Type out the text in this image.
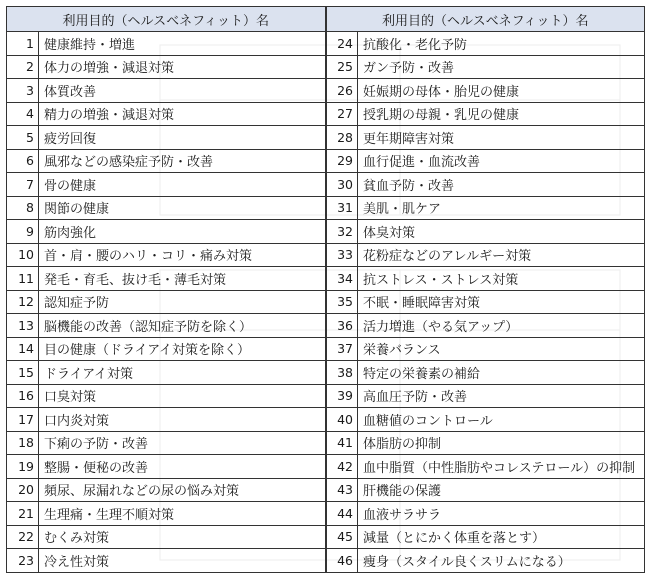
利用目的（ヘルスベネフィット）名		利用目的（ヘルスベネフィット）名	
1	健康維持・増進	24	抗酸化・老化予防
2	体力の増強・減退対策	25	ガン予防・改善
3	体質改善	26	妊娠期の母体・胎児の健康
4	精力の増強・減退対策	27	授乳期の母親・乳児の健康
5	疲労回復	28	更年期障害対策
6	風邪などの感染症予防・改善	29	血行促進・血流改善
7	骨の健康	30	貧血予防・改善
8	関節の健康	31	美肌・肌ケア
9	筋肉強化	32	体臭対策
10	首・肩・腰のハリ・コリ・痛み対策	33	花粉症などのアレルギー対策
11	発毛・育毛、抜け毛・薄毛対策	34	抗ストレス・ストレス対策
12	認知症予防	35	不眠・睡眠障害対策
13	脳機能の改善（認知症予防を除く）	36	活力増進（やる気アップ）
14	目の健康（ドライアイ対策を除く）	37	栄養バランス
15	ドライアイ対策	38	特定の栄養素の補給
16	口臭対策	39	高血圧予防・改善
17	口内炎対策	40	血糖値のコントロール
18	下痢の予防・改善	41	体脂肪の抑制
19	整腸・便秘の改善	42	血中脂質（中性脂肪やコレステロール）の抑制
20	頻尿、尿漏れなどの尿の悩み対策	43	肝機能の保護
21	生理痛・生理不順対策	44	血液サラサラ
22	むくみ対策	45	減量（とにかく体重を落とす）
23	冷え性対策	46	痩身（スタイル良くスリムになる）
